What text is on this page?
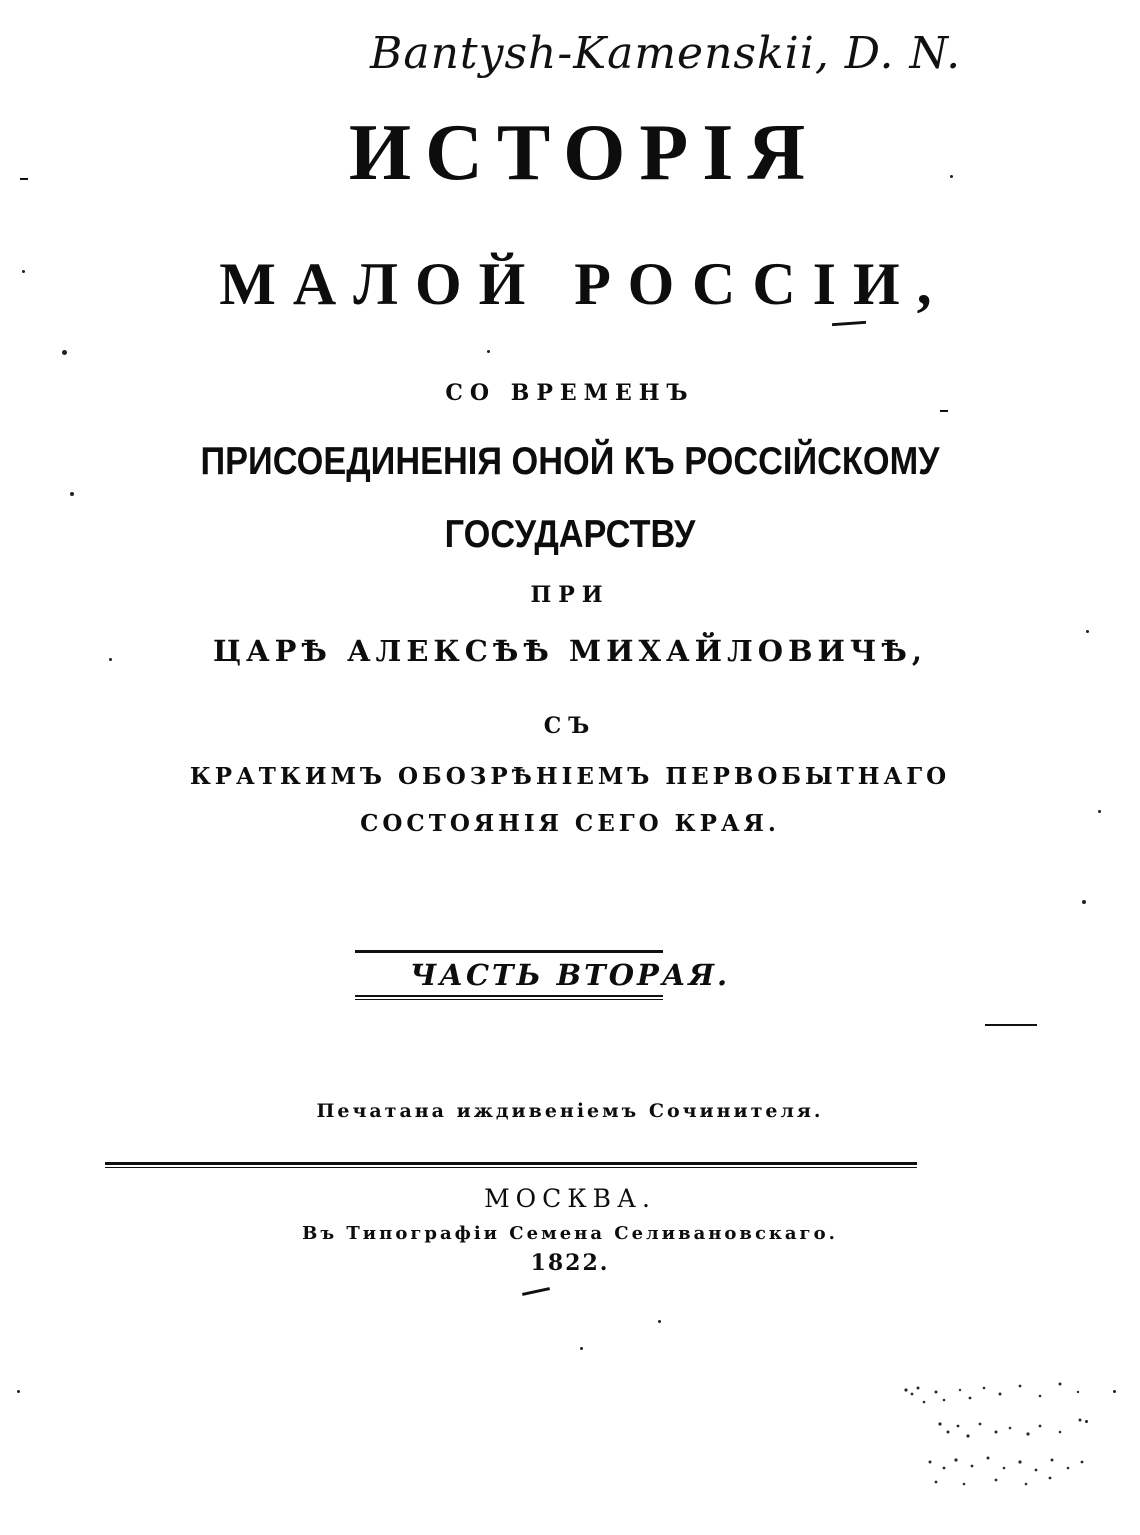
Bantysh-Kamenskii, D. N.
ИСТОРІЯ
МАЛОЙ РОССІИ,
СО ВРЕМЕНЪ
ПРИСОЕДИНЕНІЯ ОНОЙ КЪ РОССІЙСКОМУ
ГОСУДАРСТВУ
ПРИ
ЦАРѢ АЛЕКСѢѢ МИХАЙЛОВИЧѢ,
СЪ
КРАТКИМЪ ОБОЗРѢНІЕМЪ ПЕРВОБЫТНАГО
СОСТОЯНІЯ СЕГО КРАЯ.
ЧАСТЬ ВТОРАЯ.
Печатана иждивеніемъ Сочинителя.
МОСКВА.
Въ Типографіи Семена Селивановскаго.
1822.
